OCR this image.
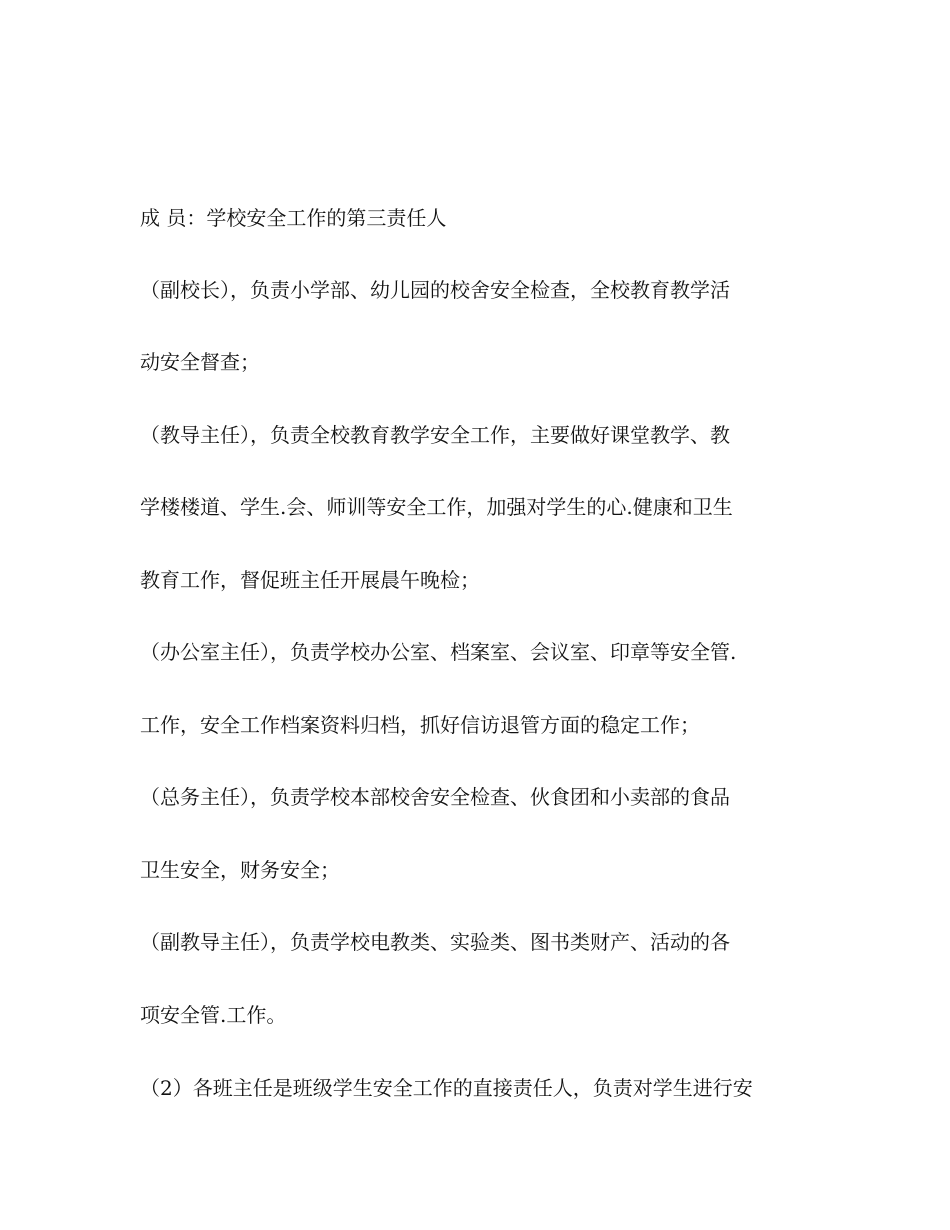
成 员：学校安全工作的第三责任人
（副校长），负责小学部、幼儿园的校舍安全检查，全校教育教学活
动安全督查；
（教导主任），负责全校教育教学安全工作，主要做好课堂教学、教
学楼楼道、学生.会、师训等安全工作，加强对学生的心.健康和卫生
教育工作，督促班主任开展晨午晚检；
（办公室主任），负责学校办公室、档案室、会议室、印章等安全管.
工作，安全工作档案资料归档，抓好信访退管方面的稳定工作；
（总务主任），负责学校本部校舍安全检查、伙食团和小卖部的食品
卫生安全，财务安全；
（副教导主任），负责学校电教类、实验类、图书类财产、活动的各
项安全管.工作。
（2）各班主任是班级学生安全工作的直接责任人，负责对学生进行安
